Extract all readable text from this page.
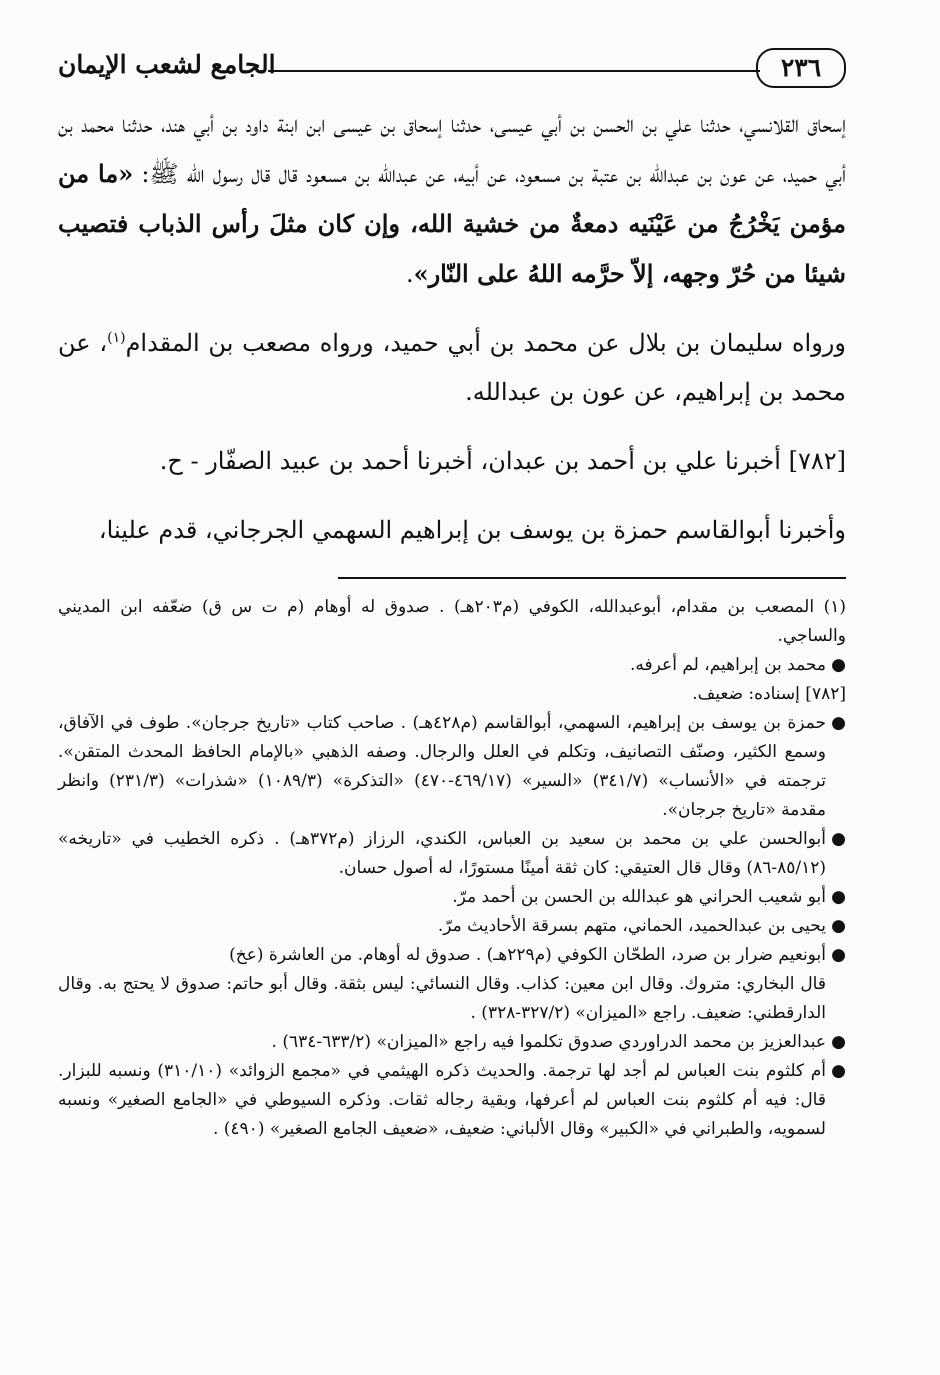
٢٣٦
الجامع لشعب الإيمان

إسحاق القلانسي، حدثنا علي بن الحسن بن أبي عيسى، حدثنا إسحاق بن عيسى ابن ابنة داود بن أبي هند، حدثنا محمد بن أبي حميد، عن عون بن عبدالله بن عتبة بن مسعود، عن أبيه، عن عبدالله بن مسعود قال قال رسول الله ﷺ: «ما من مؤمن يَخْرُجُ من عَيْنَيه دمعةٌ من خشية الله، وإن كان مثلَ رأس الذباب فتصيب شيئا من حُرّ وجهه، إلاّ حرَّمه اللهُ على النّار».

ورواه سليمان بن بلال عن محمد بن أبي حميد، ورواه مصعب بن المقدام$^{(١)}$، عن محمد بن إبراهيم، عن عون بن عبدالله.

[٧٨٢] أخبرنا علي بن أحمد بن عبدان، أخبرنا أحمد بن عبيد الصفّار - ح.

وأخبرنا أبوالقاسم حمزة بن يوسف بن إبراهيم السهمي الجرجاني، قدم علينا،

(١) المصعب بن مقدام، أبوعبدالله، الكوفي (م٢٠٣هـ) . صدوق له أوهام (م ت س ق) ضعّفه ابن المديني والساجي.

●
محمد بن إبراهيم، لم أعرفه.

[٧٨٢] إسناده: ضعيف.

●
حمزة بن يوسف بن إبراهيم، السهمي، أبوالقاسم (م٤٢٨هـ) . صاحب كتاب «تاريخ جرجان». طوف في الآفاق، وسمع الكثير، وصنّف التصانيف، وتكلم في العلل والرجال. وصفه الذهبي «بالإمام الحافظ المحدث المتقن». ترجمته في «الأنساب» (٣٤١/٧) «السير» (٤٦٩/١٧-٤٧٠) «التذكرة» (١٠٨٩/٣) «شذرات» (٢٣١/٣) وانظر مقدمة «تاريخ جرجان».

●
أبوالحسن علي بن محمد بن سعيد بن العباس، الكندي، الرزاز (م٣٧٢هـ) . ذكره الخطيب في «تاريخه» (٨٥/١٢-٨٦) وقال قال العتيقي: كان ثقة أمينًا مستورًا، له أصول حسان.

●
أبو شعيب الحراني هو عبدالله بن الحسن بن أحمد مرّ.

●
يحيى بن عبدالحميد، الحماني، متهم بسرقة الأحاديث مرّ.

●
أبونعيم ضرار بن صرد، الطحّان الكوفي (م٢٢٩هـ) . صدوق له أوهام. من العاشرة (عخ)

قال البخاري: متروك. وقال ابن معين: كذاب. وقال النسائي: ليس بثقة. وقال أبو حاتم: صدوق لا يحتج به. وقال الدارقطني: ضعيف. راجع «الميزان» (٣٢٧/٢-٣٢٨) .

●
عبدالعزيز بن محمد الدراوردي صدوق تكلموا فيه راجع «الميزان» (٦٣٣/٢-٦٣٤) .

●
أم كلثوم بنت العباس لم أجد لها ترجمة. والحديث ذكره الهيثمي في «مجمع الزوائد» (٣١٠/١٠) ونسبه للبزار. قال: فيه أم كلثوم بنت العباس لم أعرفها، وبقية رجاله ثقات. وذكره السيوطي في «الجامع الصغير» ونسبه لسمويه، والطبراني في «الكبير» وقال الألباني: ضعيف، «ضعيف الجامع الصغير» (٤٩٠) .
